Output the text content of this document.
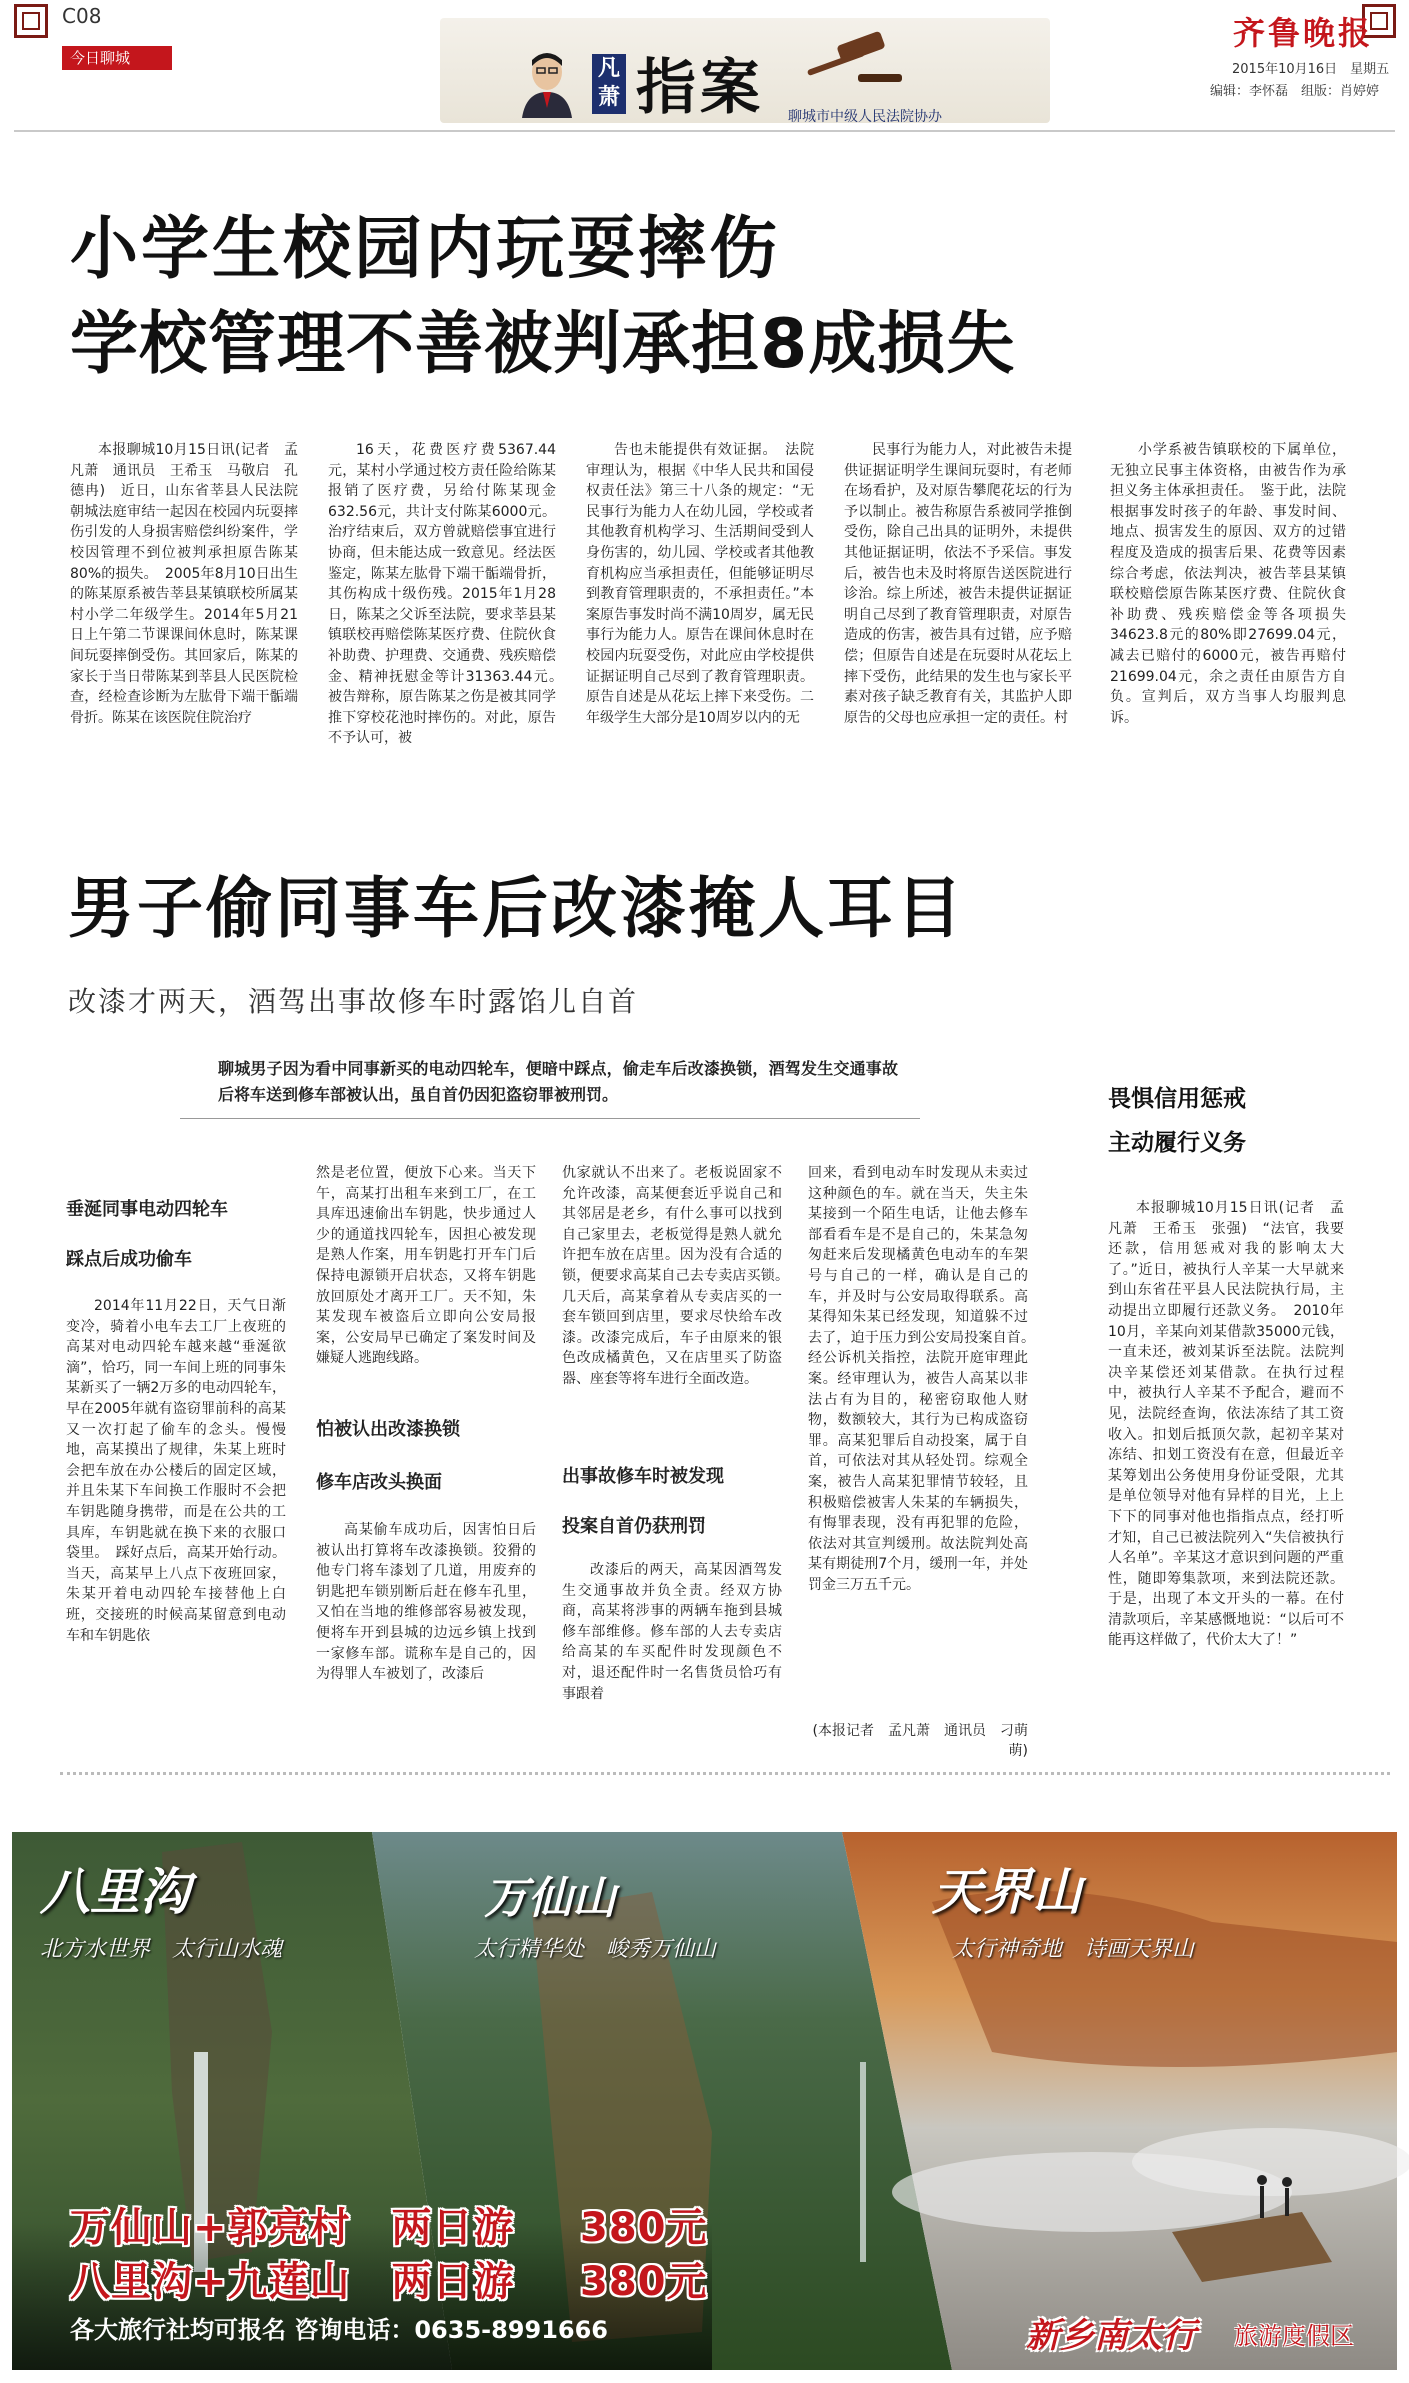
C08
今日聊城	凡萧 指案 聊城市中级人民法院协办
齐鲁晚报
2015年10月16日　星期五
编辑：李怀磊　组版：肖婷婷
小学生校园内玩耍摔伤
学校管理不善被判承担8成损失

本报聊城10月15日讯(记者　孟凡萧　通讯员　王希玉　马敬启　孔德冉)　近日，山东省莘县人民法院朝城法庭审结一起因在校园内玩耍摔伤引发的人身损害赔偿纠纷案件，学校因管理不到位被判承担原告陈某80%的损失。　2005年8月10日出生的陈某原系被告莘县某镇联校所属某村小学二年级学生。2014年5月21日上午第二节课课间休息时，陈某课间玩耍摔倒受伤。其回家后，陈某的家长于当日带陈某到莘县人民医院检查，经检查诊断为左肱骨下端干骺端骨折。陈某在该医院住院治疗

16天，花费医疗费5367.44元，某村小学通过校方责任险给陈某报销了医疗费，另给付陈某现金632.56元，共计支付陈某6000元。治疗结束后，双方曾就赔偿事宜进行协商，但未能达成一致意见。经法医鉴定，陈某左肱骨下端干骺端骨折，其伤构成十级伤残。2015年1月28日，陈某之父诉至法院，要求莘县某镇联校再赔偿陈某医疗费、住院伙食补助费、护理费、交通费、残疾赔偿金、精神抚慰金等计31363.44元。　被告辩称，原告陈某之伤是被其同学推下穿校花池时摔伤的。对此，原告不予认可，被

告也未能提供有效证据。　法院审理认为，根据《中华人民共和国侵权责任法》第三十八条的规定：“无民事行为能力人在幼儿园，学校或者其他教育机构学习、生活期间受到人身伤害的，幼儿园、学校或者其他教育机构应当承担责任，但能够证明尽到教育管理职责的，不承担责任。”本案原告事发时尚不满10周岁，属无民事行为能力人。原告在课间休息时在校园内玩耍受伤，对此应由学校提供证据证明自己尽到了教育管理职责。原告自述是从花坛上摔下来受伤。二年级学生大部分是10周岁以内的无

民事行为能力人，对此被告未提供证据证明学生课间玩耍时，有老师在场看护，及对原告攀爬花坛的行为予以制止。被告称原告系被同学推倒受伤，除自己出具的证明外，未提供其他证据证明，依法不予采信。事发后，被告也未及时将原告送医院进行诊治。综上所述，被告未提供证据证明自己尽到了教育管理职责，对原告造成的伤害，被告具有过错，应予赔偿；但原告自述是在玩耍时从花坛上摔下受伤，此结果的发生也与家长平素对孩子缺乏教育有关，其监护人即原告的父母也应承担一定的责任。村

小学系被告镇联校的下属单位，无独立民事主体资格，由被告作为承担义务主体承担责任。　鉴于此，法院根据事发时孩子的年龄、事发时间、地点、损害发生的原因、双方的过错程度及造成的损害后果、花费等因素综合考虑，依法判决，被告莘县某镇联校赔偿原告陈某医疗费、住院伙食补助费、残疾赔偿金等各项损失34623.8元的80%即27699.04元，减去已赔付的6000元，被告再赔付21699.04元，余之责任由原告方自负。宣判后，双方当事人均服判息诉。

男子偷同事车后改漆掩人耳目
改漆才两天，酒驾出事故修车时露馅儿自首
聊城男子因为看中同事新买的电动四轮车，便暗中踩点，偷走车后改漆换锁，酒驾发生交通事故后将车送到修车部被认出，虽自首仍因犯盗窃罪被刑罚。
垂涎同事电动四轮车
踩点后成功偷车

2014年11月22日，天气日渐变冷，骑着小电车去工厂上夜班的高某对电动四轮车越来越“垂涎欲滴”，恰巧，同一车间上班的同事朱某新买了一辆2万多的电动四轮车，早在2005年就有盗窃罪前科的高某又一次打起了偷车的念头。慢慢地，高某摸出了规律，朱某上班时会把车放在办公楼后的固定区域，并且朱某下车间换工作服时不会把车钥匙随身携带，而是在公共的工具库，车钥匙就在换下来的衣服口袋里。　踩好点后，高某开始行动。当天，高某早上八点下夜班回家，朱某开着电动四轮车接替他上白班，交接班的时候高某留意到电动车和车钥匙依

然是老位置，便放下心来。当天下午，高某打出租车来到工厂，在工具库迅速偷出车钥匙，快步通过人少的通道找四轮车，因担心被发现是熟人作案，用车钥匙打开车门后保持电源锁开启状态，又将车钥匙放回原处才离开工厂。天不知，朱某发现车被盗后立即向公安局报案，公安局早已确定了案发时间及嫌疑人逃跑线路。

怕被认出改漆换锁
修车店改头换面

高某偷车成功后，因害怕日后被认出打算将车改漆换锁。狡猾的他专门将车漆划了几道，用废弃的钥匙把车锁别断后赶在修车孔里，又怕在当地的维修部容易被发现，便将车开到县城的边远乡镇上找到一家修车部。谎称车是自己的，因为得罪人车被划了，改漆后

仇家就认不出来了。老板说固家不允许改漆，高某便套近乎说自己和其邻居是老乡，有什么事可以找到自己家里去，老板觉得是熟人就允许把车放在店里。因为没有合适的锁，便要求高某自己去专卖店买锁。　几天后，高某拿着从专卖店买的一套车锁回到店里，要求尽快给车改漆。改漆完成后，车子由原来的银色改成橘黄色，又在店里买了防盗器、座套等将车进行全面改造。

出事故修车时被发现
投案自首仍获刑罚

改漆后的两天，高某因酒驾发生交通事故并负全责。经双方协商，高某将涉事的两辆车拖到县城修车部维修。修车部的人去专卖店给高某的车买配件时发现颜色不对，退还配件时一名售货员恰巧有事跟着

回来，看到电动车时发现从未卖过这种颜色的车。就在当天，失主朱某接到一个陌生电话，让他去修车部看看车是不是自己的，朱某急匆匆赶来后发现橘黄色电动车的车架号与自己的一样，确认是自己的车，并及时与公安局取得联系。高某得知朱某已经发现，知道躲不过去了，迫于压力到公安局投案自首。　经公诉机关指控，法院开庭审理此案。经审理认为，被告人高某以非法占有为目的，秘密窃取他人财物，数额较大，其行为已构成盗窃罪。高某犯罪后自动投案，属于自首，可依法对其从轻处罚。综观全案，被告人高某犯罪情节较轻，且积极赔偿被害人朱某的车辆损失，有悔罪表现，没有再犯罪的危险，依法对其宣判缓刑。故法院判处高某有期徒刑7个月，缓刑一年，并处罚金三万五千元。

(本报记者　孟凡萧　通讯员　刁萌萌)
畏惧信用惩戒
主动履行义务

本报聊城10月15日讯(记者　孟凡萧　王希玉　张强)　“法官，我要还款，信用惩戒对我的影响太大了。”近日，被执行人辛某一大早就来到山东省茌平县人民法院执行局，主动提出立即履行还款义务。　2010年10月，辛某向刘某借款35000元钱，一直未还，被刘某诉至法院。法院判决辛某偿还刘某借款。在执行过程中，被执行人辛某不予配合，避而不见，法院经查询，依法冻结了其工资收入。扣划后抵顶欠款，起初辛某对冻结、扣划工资没有在意，但最近辛某筹划出公务使用身份证受限，尤其是单位领导对他有异样的目光，上上下下的同事对他也指指点点，经打听才知，自己已被法院列入“失信被执行人名单”。辛某这才意识到问题的严重性，随即筹集款项，来到法院还款。于是，出现了本文开头的一幕。在付清款项后，辛某感慨地说：“以后可不能再这样做了，代价太大了！”

八里沟
北方水世界　太行山水魂
万仙山
太行精华处　峻秀万仙山
天界山
太行神奇地　诗画天界山
万仙山+郭亮村　两日游 380元
八里沟+九莲山　两日游 380元
各大旅行社均可报名 咨询电话：0635-8991666	新乡南太行 旅游度假区
